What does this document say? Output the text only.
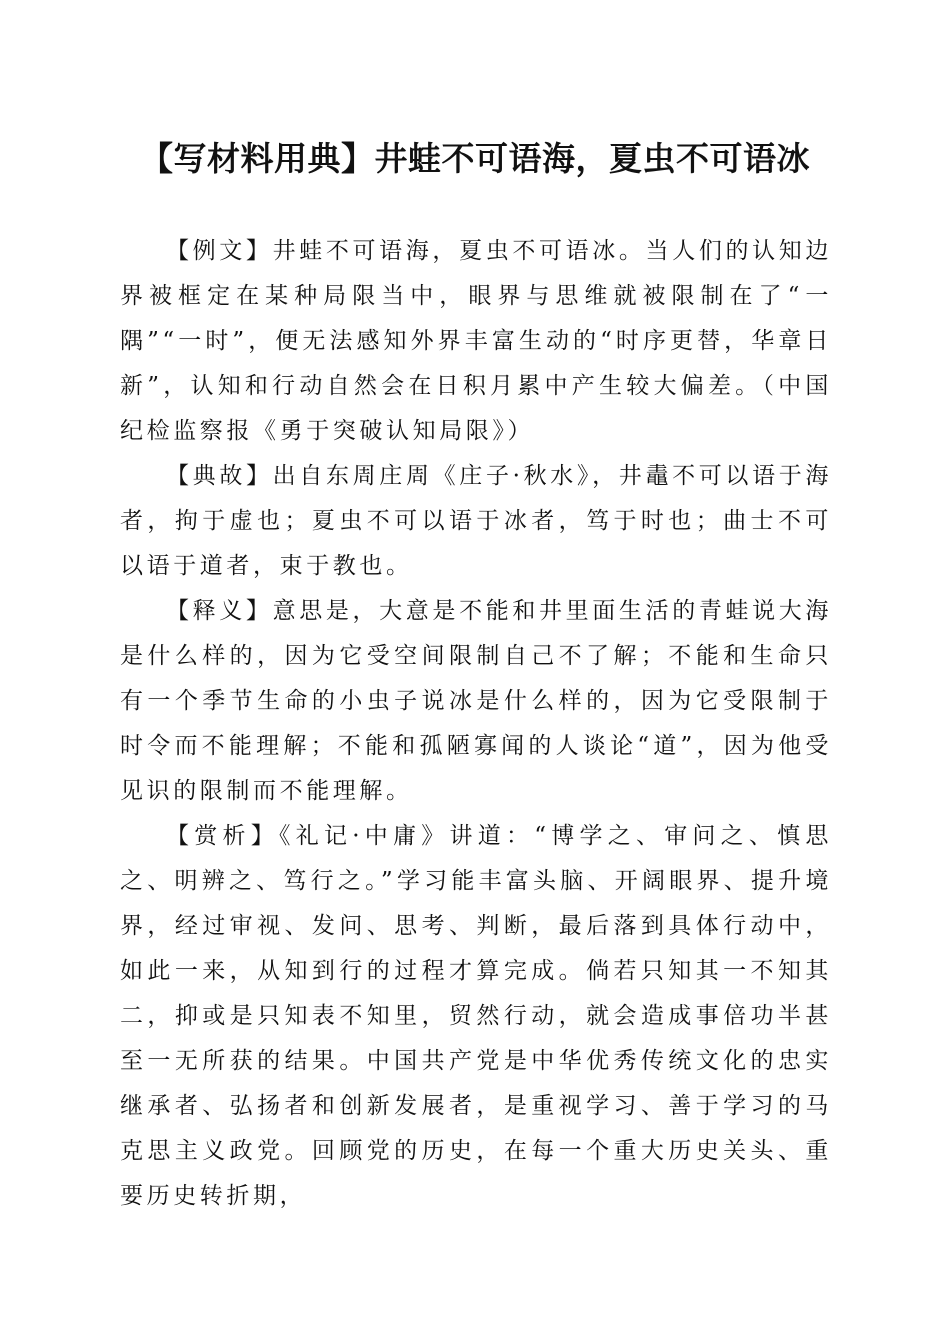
【写材料用典】井蛙不可语海，夏虫不可语冰

【例文】井蛙不可语海，夏虫不可语冰。当人们的认知边界被框定在某种局限当中，眼界与思维就被限制在了“一隅”“一时”，便无法感知外界丰富生动的“时序更替，华章日新”，认知和行动自然会在日积月累中产生较大偏差。（中国纪检监察报《勇于突破认知局限》）

【典故】出自东周庄周《庄子·秋水》，井鼃不可以语于海者，拘于虚也；夏虫不可以语于冰者，笃于时也；曲士不可以语于道者，束于教也。

【释义】意思是，大意是不能和井里面生活的青蛙说大海是什么样的，因为它受空间限制自己不了解；不能和生命只有一个季节生命的小虫子说冰是什么样的，因为它受限制于时令而不能理解；不能和孤陋寡闻的人谈论“道”，因为他受见识的限制而不能理解。

【赏析】《礼记·中庸》讲道：“博学之、审问之、慎思之、明辨之、笃行之。”学习能丰富头脑、开阔眼界、提升境界，经过审视、发问、思考、判断，最后落到具体行动中，如此一来，从知到行的过程才算完成。倘若只知其一不知其二，抑或是只知表不知里，贸然行动，就会造成事倍功半甚至一无所获的结果。中国共产党是中华优秀传统文化的忠实继承者、弘扬者和创新发展者，是重视学习、善于学习的马克思主义政党。回顾党的历史，在每一个重大历史关头、重要历史转折期，
